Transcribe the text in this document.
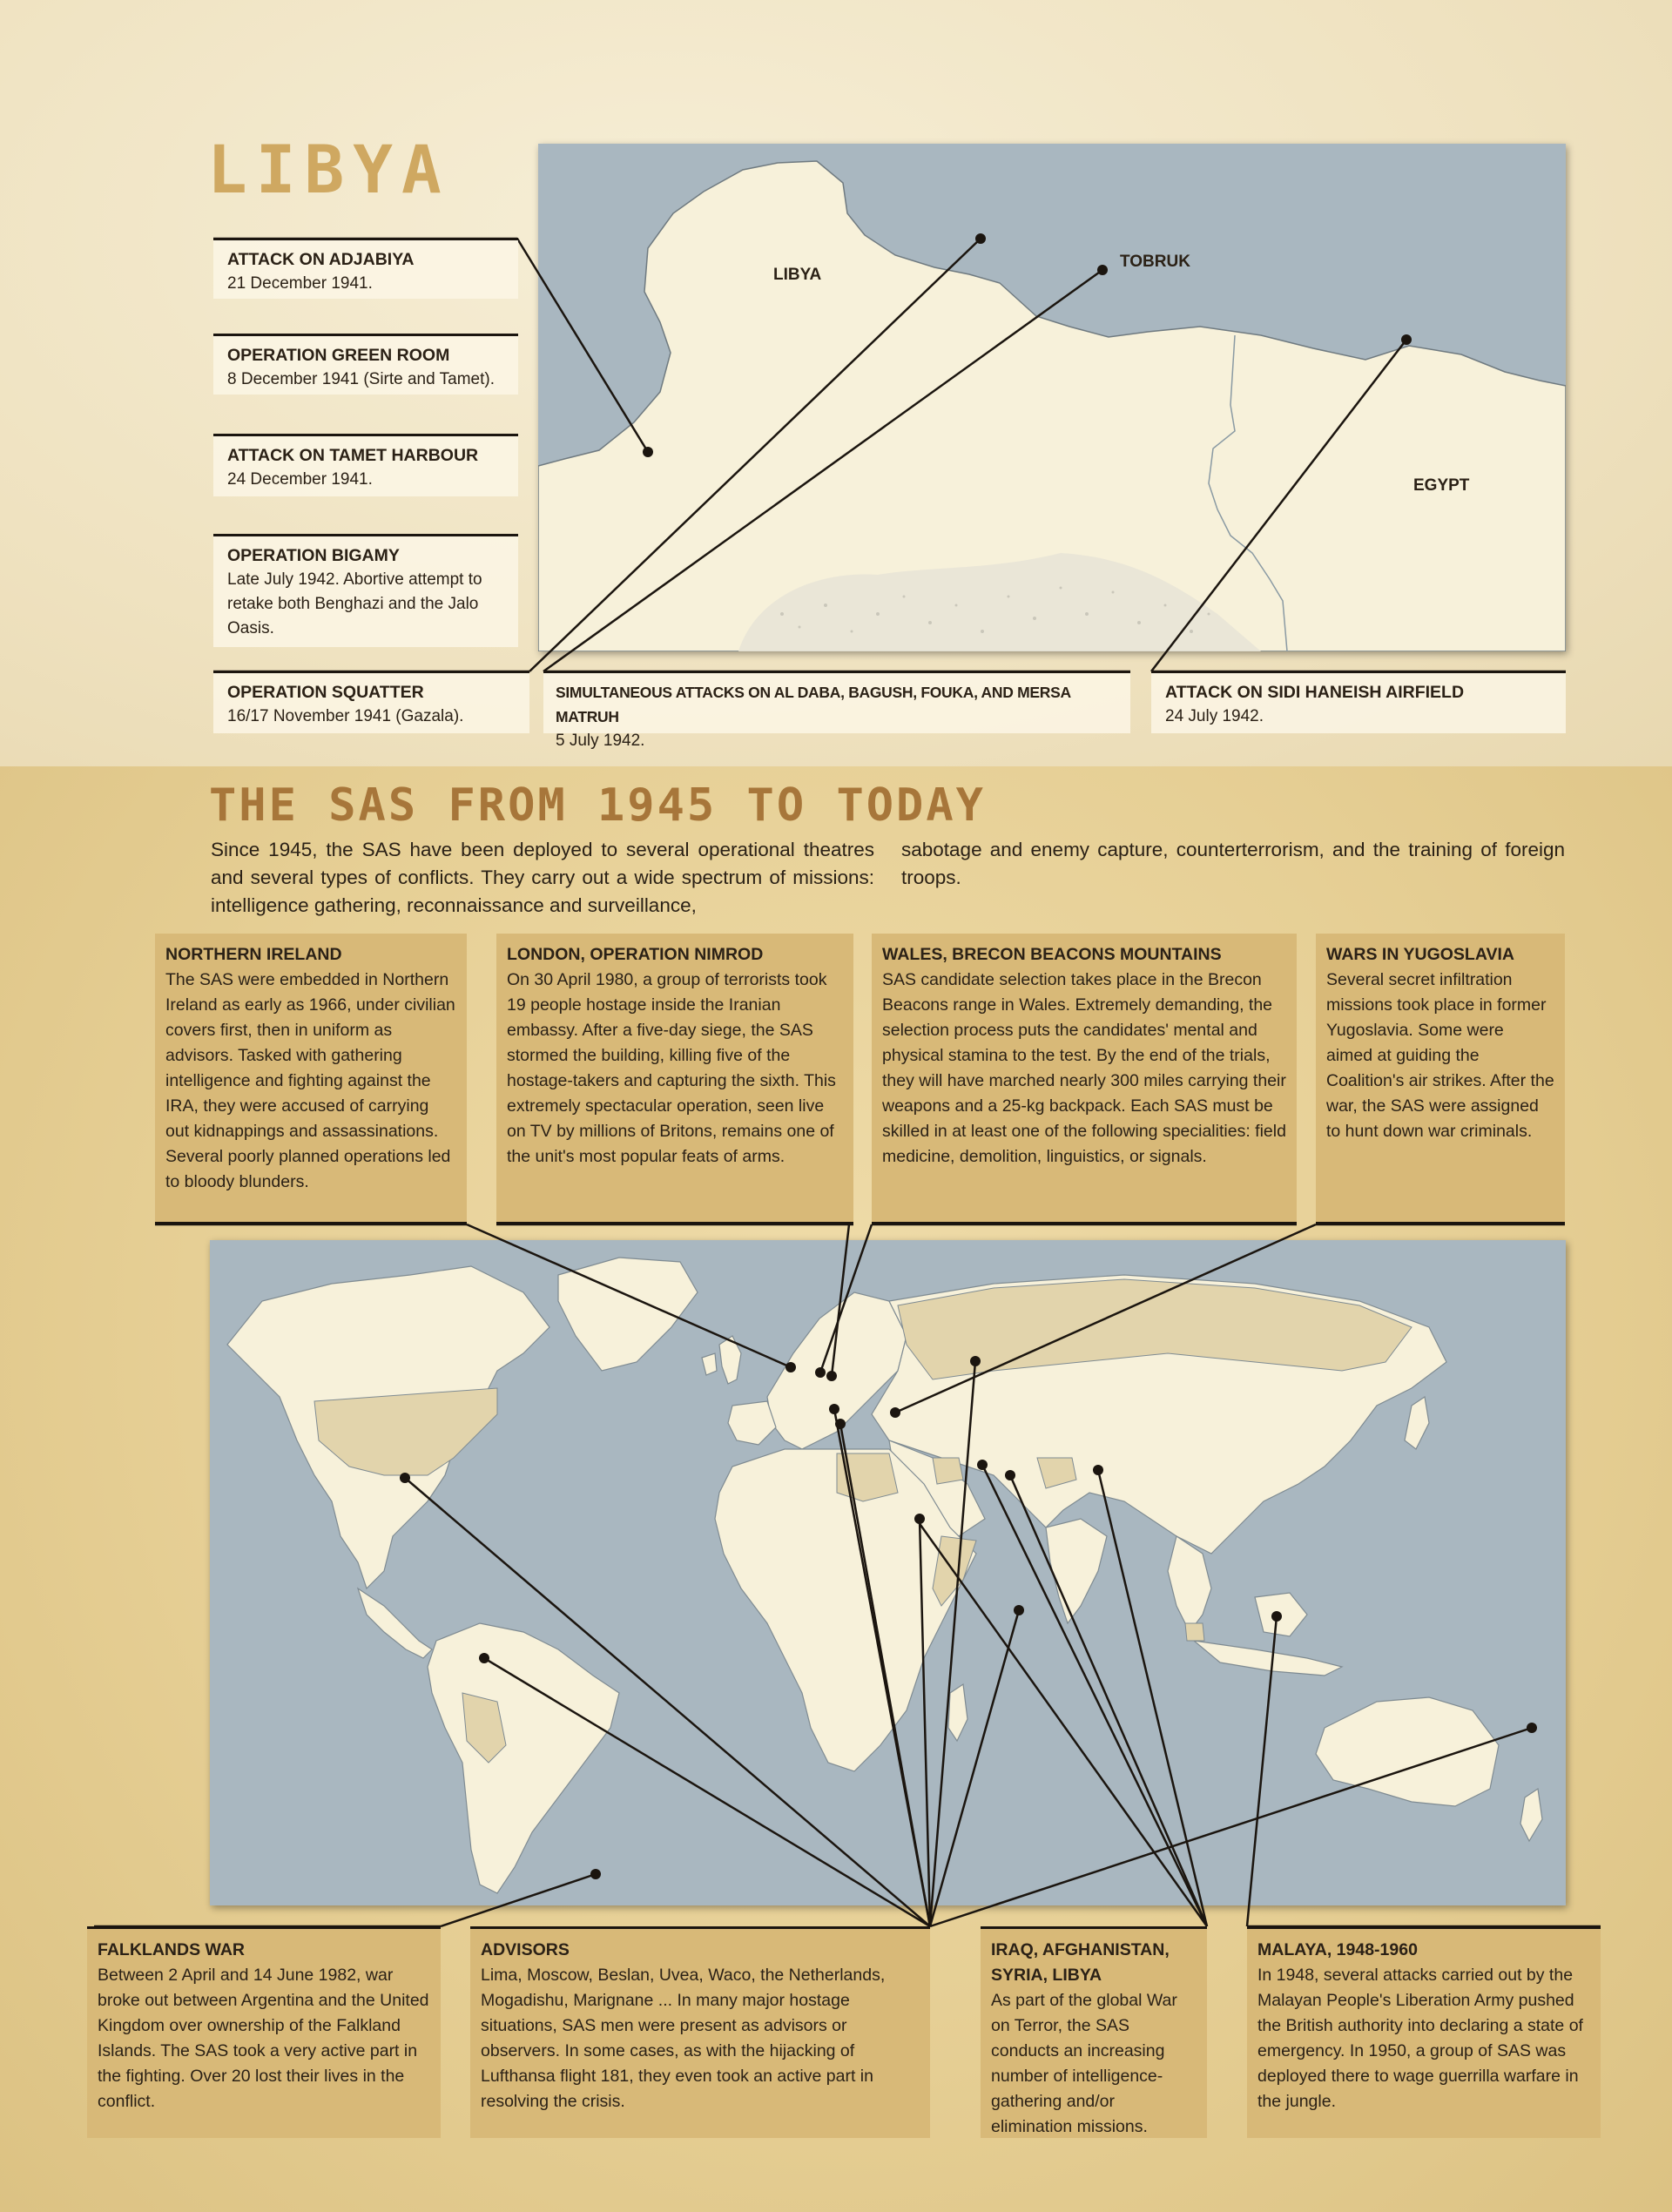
LIBYA
LIBYA
TOBRUK
EGYPT
ATTACK ON ADJABIYA
21 December 1941.
OPERATION GREEN ROOM
8 December 1941 (Sirte and Tamet).
ATTACK ON TAMET HARBOUR
24 December 1941.
OPERATION BIGAMY
Late July 1942. Abortive attempt to retake both Benghazi and the Jalo Oasis.
OPERATION SQUATTER
16/17 November 1941 (Gazala).
SIMULTANEOUS ATTACKS ON AL DABA, BAGUSH, FOUKA, AND MERSA MATRUH
5 July 1942.
ATTACK ON SIDI HANEISH AIRFIELD
24 July 1942.
THE SAS FROM 1945 TO TODAY
Since 1945, the SAS have been deployed to several operational theatres and several types of conflicts. They carry out a wide spectrum of missions: intelligence gathering, reconnaissance and surveillance,
sabotage and enemy capture, counterterrorism, and the training of foreign troops.
NORTHERN IRELAND
The SAS were embedded in Northern Ireland as early as 1966, under civilian covers first, then in uniform as advisors. Tasked with gathering intelligence and fighting against the IRA, they were accused of carrying out kidnappings and assassinations. Several poorly planned operations led to bloody blunders.
LONDON, OPERATION NIMROD
On 30 April 1980, a group of terrorists took 19 people hostage inside the Iranian embassy. After a five-day siege, the SAS stormed the building, killing five of the hostage-takers and capturing the sixth. This extremely spectacular operation, seen live on TV by millions of Britons, remains one of the unit's most popular feats of arms.
WALES, BRECON BEACONS MOUNTAINS
SAS candidate selection takes place in the Brecon Beacons range in Wales. Extremely demanding, the selection process puts the candidates' mental and physical stamina to the test. By the end of the trials, they will have marched nearly 300 miles carrying their weapons and a 25-kg backpack. Each SAS must be skilled in at least one of the following specialities: field medicine, demolition, linguistics, or signals.
WARS IN YUGOSLAVIA
Several secret infiltration missions took place in former Yugoslavia. Some were aimed at guiding the Coalition's air strikes. After the war, the SAS were assigned to hunt down war criminals.
FALKLANDS WAR
Between 2 April and 14 June 1982, war broke out between Argentina and the United Kingdom over ownership of the Falkland Islands. The SAS took a very active part in the fighting. Over 20 lost their lives in the conflict.
ADVISORS
Lima, Moscow, Beslan, Uvea, Waco, the Netherlands, Mogadishu, Marignane ... In many major hostage situations, SAS men were present as advisors or observers. In some cases, as with the hijacking of Lufthansa flight 181, they even took an active part in resolving the crisis.
IRAQ, AFGHANISTAN, SYRIA, LIBYA
As part of the global War on Terror, the SAS conducts an increasing number of intelligence-gathering and/or elimination missions.
MALAYA, 1948-1960
In 1948, several attacks carried out by the Malayan People's Liberation Army pushed the British authority into declaring a state of emergency. In 1950, a group of SAS was deployed there to wage guerrilla warfare in the jungle.
